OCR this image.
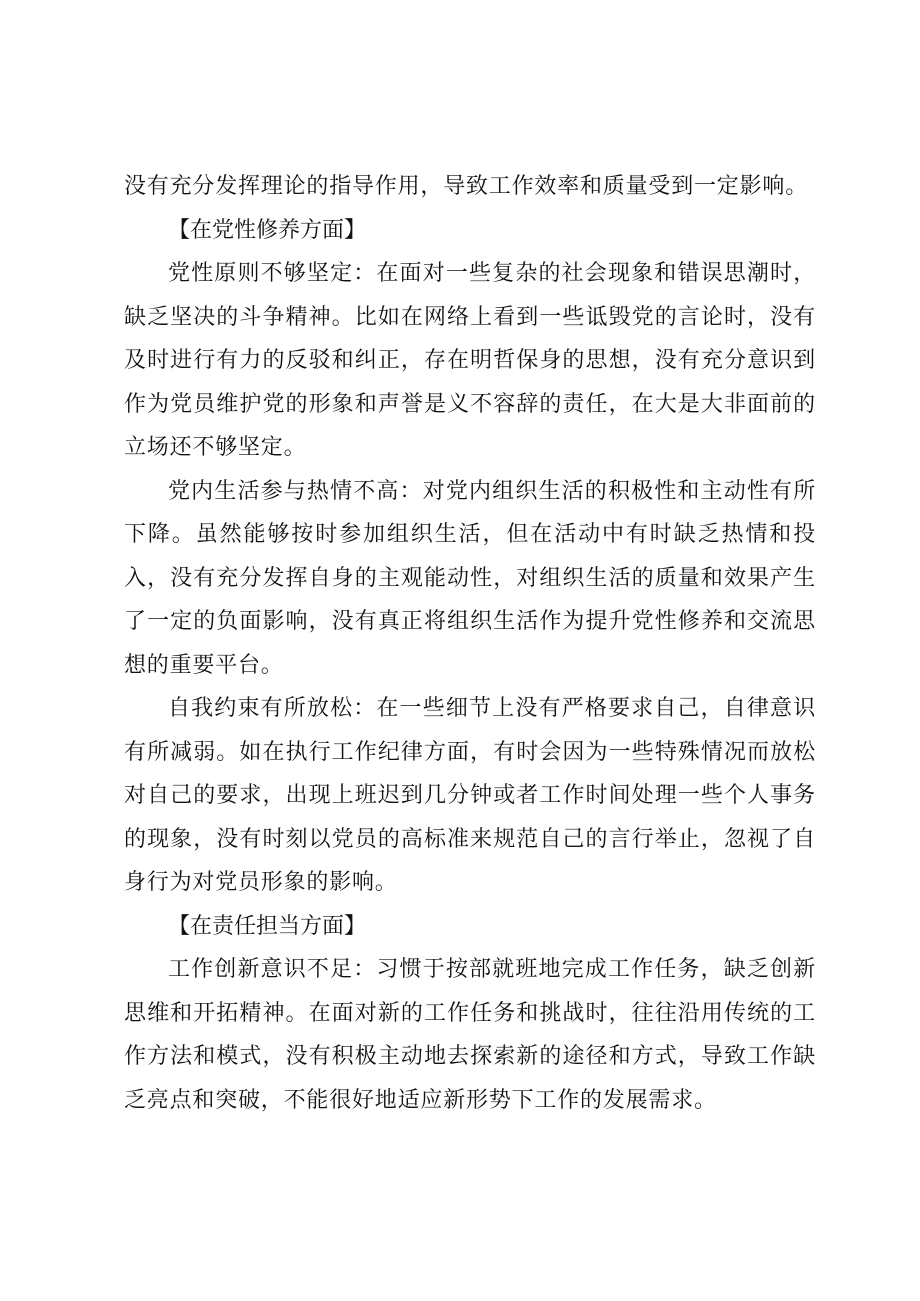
没有充分发挥理论的指导作用，导致工作效率和质量受到一定影响。

【在党性修养方面】

党性原则不够坚定：在面对一些复杂的社会现象和错误思潮时，缺乏坚决的斗争精神。比如在网络上看到一些诋毁党的言论时，没有及时进行有力的反驳和纠正，存在明哲保身的思想，没有充分意识到作为党员维护党的形象和声誉是义不容辞的责任，在大是大非面前的立场还不够坚定。

党内生活参与热情不高：对党内组织生活的积极性和主动性有所下降。虽然能够按时参加组织生活，但在活动中有时缺乏热情和投入，没有充分发挥自身的主观能动性，对组织生活的质量和效果产生了一定的负面影响，没有真正将组织生活作为提升党性修养和交流思想的重要平台。

自我约束有所放松：在一些细节上没有严格要求自己，自律意识有所减弱。如在执行工作纪律方面，有时会因为一些特殊情况而放松对自己的要求，出现上班迟到几分钟或者工作时间处理一些个人事务的现象，没有时刻以党员的高标准来规范自己的言行举止，忽视了自身行为对党员形象的影响。

【在责任担当方面】

工作创新意识不足：习惯于按部就班地完成工作任务，缺乏创新思维和开拓精神。在面对新的工作任务和挑战时，往往沿用传统的工作方法和模式，没有积极主动地去探索新的途径和方式，导致工作缺乏亮点和突破，不能很好地适应新形势下工作的发展需求。
